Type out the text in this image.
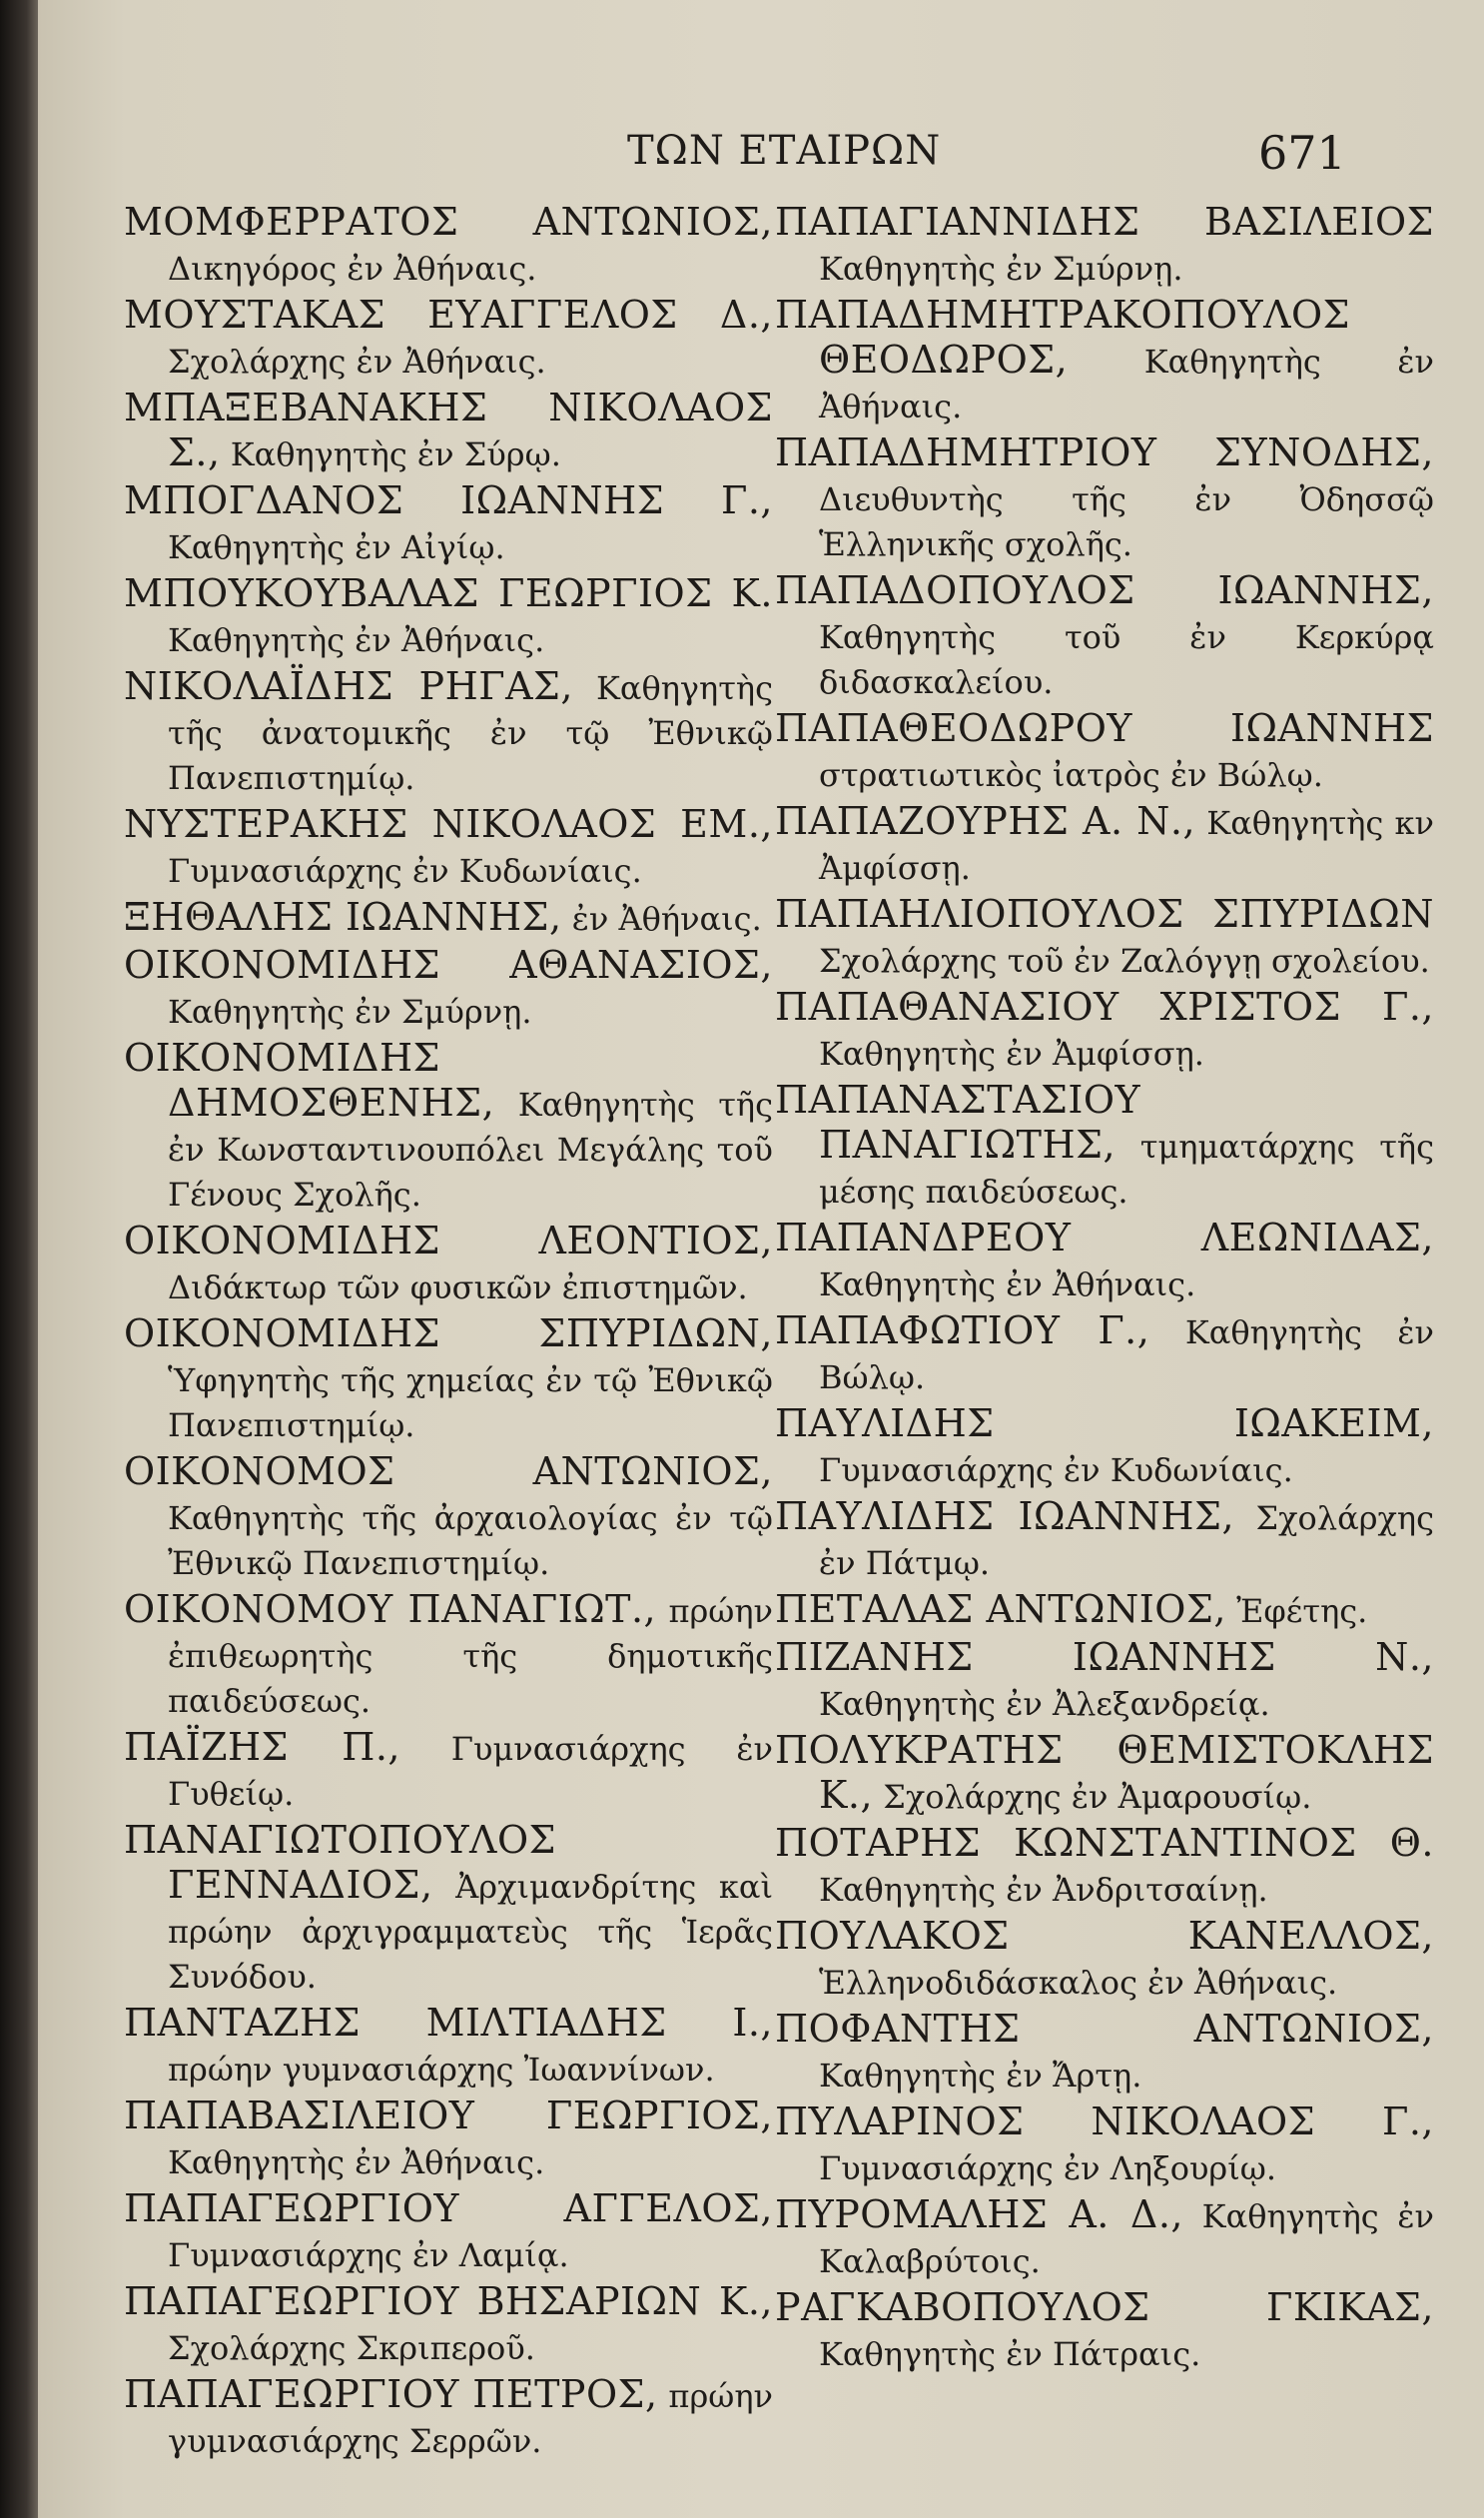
ΤΩΝ ΕΤΑΙΡΩΝ	671

ΜΟΜΦΕΡΡΑΤΟΣ ΑΝΤΩΝΙΟΣ, Δικηγόρος ἐν Ἀθήναις.

ΜΟΥΣΤΑΚΑΣ ΕΥΑΓΓΕΛΟΣ Δ., Σχολάρχης ἐν Ἀθήναις.

ΜΠΑΞΕΒΑΝΑΚΗΣ ΝΙΚΟΛΑΟΣ Σ., Καθηγητὴς ἐν Σύρῳ.

ΜΠΟΓΔΑΝΟΣ ΙΩΑΝΝΗΣ Γ., Καθηγητὴς ἐν Αἰγίῳ.

ΜΠΟΥΚΟΥΒΑΛΑΣ ΓΕΩΡΓΙΟΣ Κ. Καθηγητὴς ἐν Ἀθήναις.

ΝΙΚΟΛΑΪΔΗΣ ΡΗΓΑΣ, Καθηγητὴς τῆς ἀνατομικῆς ἐν τῷ Ἐθνικῷ Πανεπιστημίῳ.

ΝΥΣΤΕΡΑΚΗΣ ΝΙΚΟΛΑΟΣ ΕΜ., Γυμνασιάρχης ἐν Κυδωνίαις.

ΞΗΘΑΛΗΣ ΙΩΑΝΝΗΣ, ἐν Ἀθήναις.

ΟΙΚΟΝΟΜΙΔΗΣ ΑΘΑΝΑΣΙΟΣ, Καθηγητὴς ἐν Σμύρνῃ.

ΟΙΚΟΝΟΜΙΔΗΣ ΔΗΜΟΣΘΕΝΗΣ, Καθηγητὴς τῆς ἐν Κωνσταντινουπόλει Μεγάλης τοῦ Γένους Σχολῆς.

ΟΙΚΟΝΟΜΙΔΗΣ ΛΕΟΝΤΙΟΣ, Διδάκτωρ τῶν φυσικῶν ἐπιστημῶν.

ΟΙΚΟΝΟΜΙΔΗΣ ΣΠΥΡΙΔΩΝ, Ὑφηγητὴς τῆς χημείας ἐν τῷ Ἐθνικῷ Πανεπιστημίῳ.

ΟΙΚΟΝΟΜΟΣ ΑΝΤΩΝΙΟΣ, Καθηγητὴς τῆς ἀρχαιολογίας ἐν τῷ Ἐθνικῷ Πανεπιστημίῳ.

ΟΙΚΟΝΟΜΟΥ ΠΑΝΑΓΙΩΤ., πρώην ἐπιθεωρητὴς τῆς δημοτικῆς παιδεύσεως.

ΠΑΪΖΗΣ Π., Γυμνασιάρχης ἐν Γυθείῳ.

ΠΑΝΑΓΙΩΤΟΠΟΥΛΟΣ ΓΕΝΝΑΔΙΟΣ, Ἀρχιμανδρίτης καὶ πρώην ἀρχιγραμματεὺς τῆς Ἱερᾶς Συνόδου.

ΠΑΝΤΑΖΗΣ ΜΙΛΤΙΑΔΗΣ Ι., πρώην γυμνασιάρχης Ἰωαννίνων.

ΠΑΠΑΒΑΣΙΛΕΙΟΥ ΓΕΩΡΓΙΟΣ, Καθηγητὴς ἐν Ἀθήναις.

ΠΑΠΑΓΕΩΡΓΙΟΥ ΑΓΓΕΛΟΣ, Γυμνασιάρχης ἐν Λαμίᾳ.

ΠΑΠΑΓΕΩΡΓΙΟΥ ΒΗΣΑΡΙΩΝ Κ., Σχολάρχης Σκριπεροῦ.

ΠΑΠΑΓΕΩΡΓΙΟΥ ΠΕΤΡΟΣ, πρώην γυμνασιάρχης Σερρῶν.

ΠΑΠΑΓΙΑΝΝΙΔΗΣ ΒΑΣΙΛΕΙΟΣ Καθηγητὴς ἐν Σμύρνῃ.

ΠΑΠΑΔΗΜΗΤΡΑΚΟΠΟΥΛΟΣ ΘΕΟΔΩΡΟΣ, Καθηγητὴς ἐν Ἀθήναις.

ΠΑΠΑΔΗΜΗΤΡΙΟΥ ΣΥΝΟΔΗΣ, Διευθυντὴς τῆς ἐν Ὀδησσῷ Ἑλληνικῆς σχολῆς.

ΠΑΠΑΔΟΠΟΥΛΟΣ ΙΩΑΝΝΗΣ, Καθηγητὴς τοῦ ἐν Κερκύρᾳ διδασκαλείου.

ΠΑΠΑΘΕΟΔΩΡΟΥ ΙΩΑΝΝΗΣ στρατιωτικὸς ἰατρὸς ἐν Βώλῳ.

ΠΑΠΑΖΟΥΡΗΣ Α. Ν., Καθηγητὴς κν Ἀμφίσσῃ.

ΠΑΠΑΗΛΙΟΠΟΥΛΟΣ ΣΠΥΡΙΔΩΝ Σχολάρχης τοῦ ἐν Ζαλόγγῃ σχολείου.

ΠΑΠΑΘΑΝΑΣΙΟΥ ΧΡΙΣΤΟΣ Γ., Καθηγητὴς ἐν Ἀμφίσσῃ.

ΠΑΠΑΝΑΣΤΑΣΙΟΥ ΠΑΝΑΓΙΩΤΗΣ, τμηματάρχης τῆς μέσης παιδεύσεως.

ΠΑΠΑΝΔΡΕΟΥ ΛΕΩΝΙΔΑΣ, Καθηγητὴς ἐν Ἀθήναις.

ΠΑΠΑΦΩΤΙΟΥ Γ., Καθηγητὴς ἐν Βώλῳ.

ΠΑΥΛΙΔΗΣ ΙΩΑΚΕΙΜ, Γυμνασιάρχης ἐν Κυδωνίαις.

ΠΑΥΛΙΔΗΣ ΙΩΑΝΝΗΣ, Σχολάρχης ἐν Πάτμῳ.

ΠΕΤΑΛΑΣ ΑΝΤΩΝΙΟΣ, Ἐφέτης.

ΠΙΖΑΝΗΣ ΙΩΑΝΝΗΣ Ν., Καθηγητὴς ἐν Ἀλεξανδρείᾳ.

ΠΟΛΥΚΡΑΤΗΣ ΘΕΜΙΣΤΟΚΛΗΣ Κ., Σχολάρχης ἐν Ἀμαρουσίῳ.

ΠΟΤΑΡΗΣ ΚΩΝΣΤΑΝΤΙΝΟΣ Θ. Καθηγητὴς ἐν Ἀνδριτσαίνῃ.

ΠΟΥΛΑΚΟΣ ΚΑΝΕΛΛΟΣ, Ἑλληνοδιδάσκαλος ἐν Ἀθήναις.

ΠΟΦΑΝΤΗΣ ΑΝΤΩΝΙΟΣ, Καθηγητὴς ἐν Ἄρτῃ.

ΠΥΛΑΡΙΝΟΣ ΝΙΚΟΛΑΟΣ Γ., Γυμνασιάρχης ἐν Ληξουρίῳ.

ΠΥΡΟΜΑΛΗΣ Α. Δ., Καθηγητὴς ἐν Καλαβρύτοις.

ΡΑΓΚΑΒΟΠΟΥΛΟΣ ΓΚΙΚΑΣ, Καθηγητὴς ἐν Πάτραις.
